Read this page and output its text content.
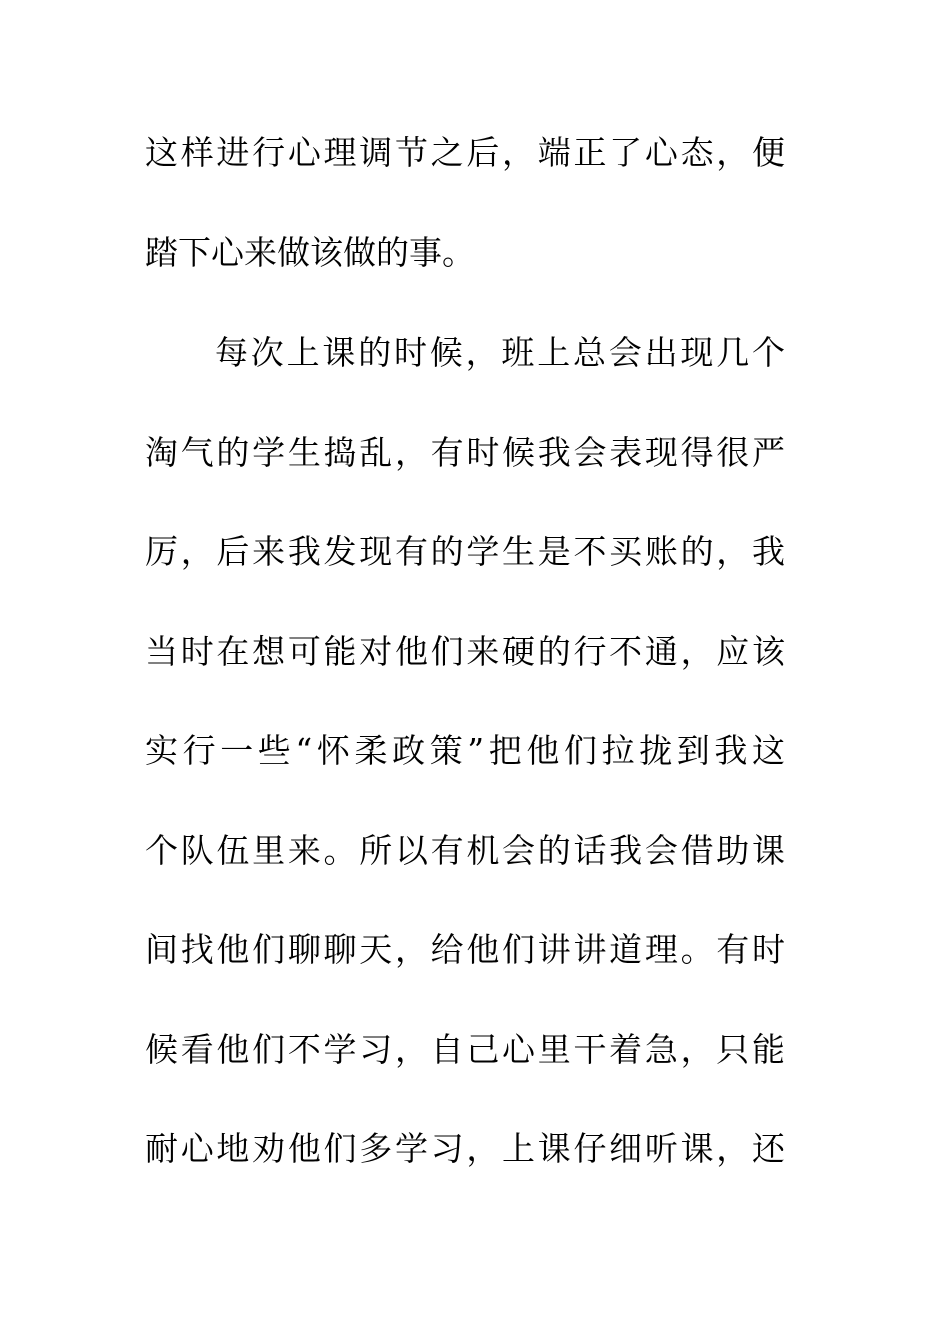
这样进行心理调节之后，端正了心态，便
踏下心来做该做的事。
每次上课的时候，班上总会出现几个
淘气的学生捣乱，有时候我会表现得很严
厉，后来我发现有的学生是不买账的，我
当时在想可能对他们来硬的行不通，应该
实行一些“怀柔政策”把他们拉拢到我这
个队伍里来。所以有机会的话我会借助课
间找他们聊聊天，给他们讲讲道理。有时
候看他们不学习，自己心里干着急，只能
耐心地劝他们多学习，上课仔细听课，还
